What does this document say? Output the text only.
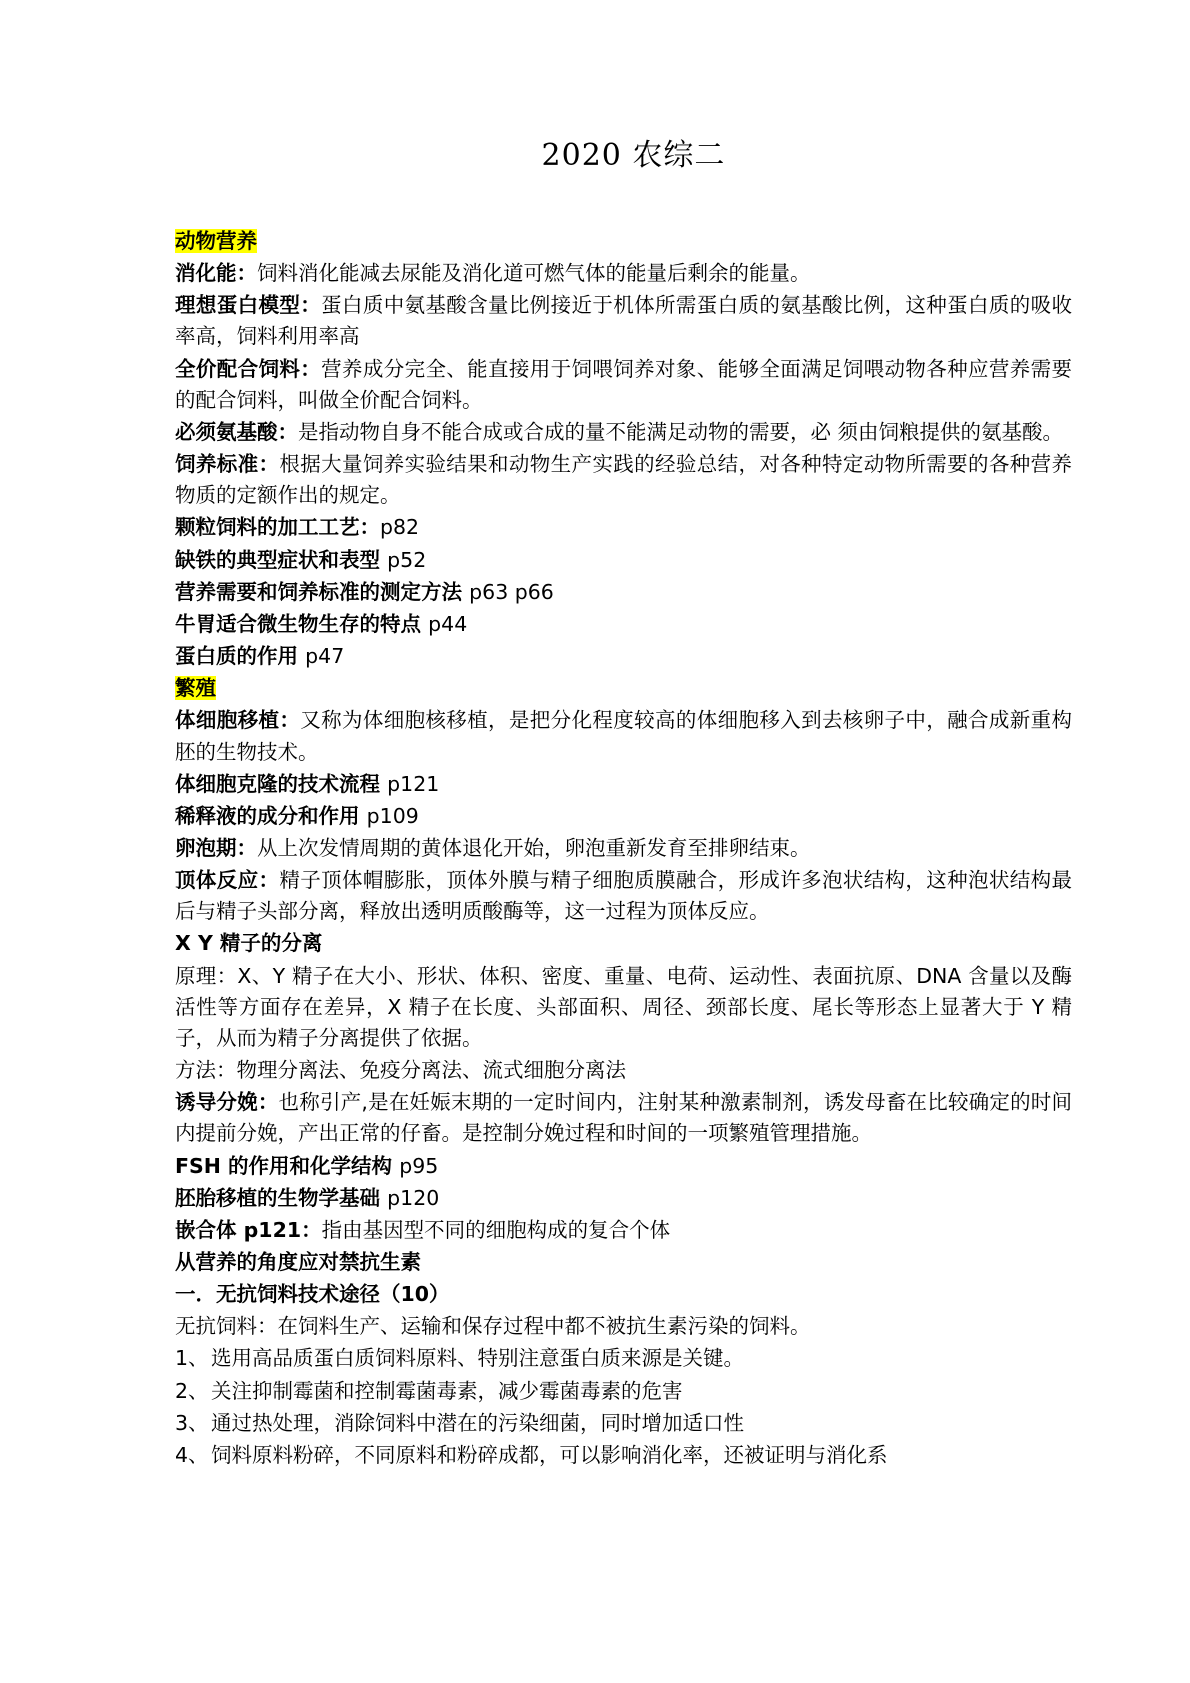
2020 农综二
动物营养

消化能：饲料消化能减去尿能及消化道可燃气体的能量后剩余的能量。

理想蛋白模型：蛋白质中氨基酸含量比例接近于机体所需蛋白质的氨基酸比例，这种蛋白质的吸收率高，饲料利用率高

全价配合饲料：营养成分完全、能直接用于饲喂饲养对象、能够全面满足饲喂动物各种应营养需要的配合饲料，叫做全价配合饲料。

必须氨基酸：是指动物自身不能合成或合成的量不能满足动物的需要，必 须由饲粮提供的氨基酸。

饲养标准：根据大量饲养实验结果和动物生产实践的经验总结，对各种特定动物所需要的各种营养物质的定额作出的规定。

颗粒饲料的加工工艺：p82

缺铁的典型症状和表型 p52

营养需要和饲养标准的测定方法 p63 p66

牛胃适合微生物生存的特点 p44

蛋白质的作用 p47

繁殖

体细胞移植：又称为体细胞核移植，是把分化程度较高的体细胞移入到去核卵子中，融合成新重构胚的生物技术。

体细胞克隆的技术流程 p121

稀释液的成分和作用 p109

卵泡期：从上次发情周期的黄体退化开始，卵泡重新发育至排卵结束。

顶体反应：精子顶体帽膨胀，顶体外膜与精子细胞质膜融合，形成许多泡状结构，这种泡状结构最后与精子头部分离，释放出透明质酸酶等，这一过程为顶体反应。

X Y 精子的分离

原理：X、Y 精子在大小、形状、体积、密度、重量、电荷、运动性、表面抗原、DNA 含量以及酶活性等方面存在差异，X 精子在长度、头部面积、周径、颈部长度、尾长等形态上显著大于 Y 精子，从而为精子分离提供了依据。

方法：物理分离法、免疫分离法、流式细胞分离法

诱导分娩：也称引产,是在妊娠末期的一定时间内，注射某种激素制剂，诱发母畜在比较确定的时间内提前分娩，产出正常的仔畜。是控制分娩过程和时间的一项繁殖管理措施。

FSH 的作用和化学结构 p95

胚胎移植的生物学基础 p120

嵌合体 p121：指由基因型不同的细胞构成的复合个体

从营养的角度应对禁抗生素

一．无抗饲料技术途径（10）

无抗饲料：在饲料生产、运输和保存过程中都不被抗生素污染的饲料。

1、 选用高品质蛋白质饲料原料、特别注意蛋白质来源是关键。

2、 关注抑制霉菌和控制霉菌毒素，减少霉菌毒素的危害

3、 通过热处理，消除饲料中潜在的污染细菌，同时增加适口性

4、 饲料原料粉碎，不同原料和粉碎成都，可以影响消化率，还被证明与消化系
